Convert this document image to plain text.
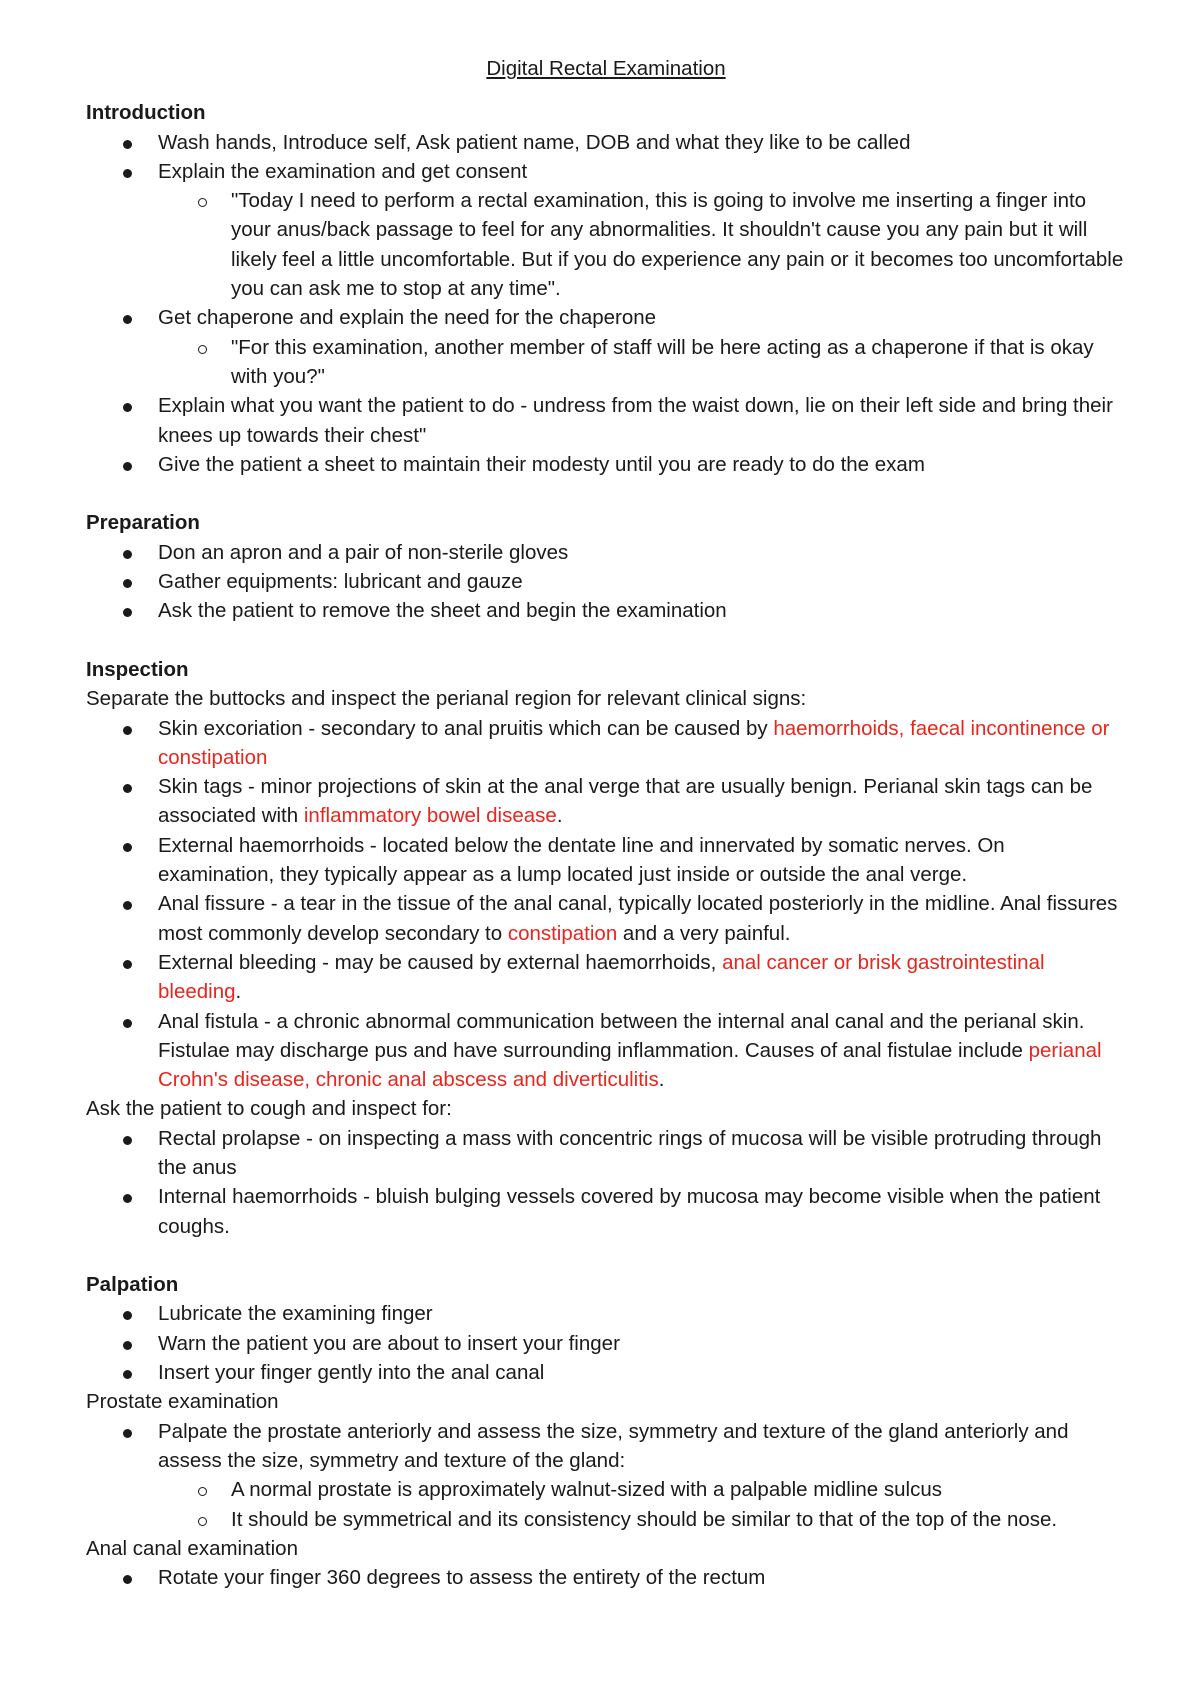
Digital Rectal Examination
Introduction
Wash hands, Introduce self, Ask patient name, DOB and what they like to be called
Explain the examination and get consent
"Today I need to perform a rectal examination, this is going to involve me inserting a finger into your anus/back passage to feel for any abnormalities. It shouldn't cause you any pain but it will likely feel a little uncomfortable. But if you do experience any pain or it becomes too uncomfortable you can ask me to stop at any time".
Get chaperone and explain the need for the chaperone
"For this examination, another member of staff will be here acting as a chaperone if that is okay with you?"
Explain what you want the patient to do - undress from the waist down, lie on their left side and bring their knees up towards their chest"
Give the patient a sheet to maintain their modesty until you are ready to do the exam
Preparation
Don an apron and a pair of non-sterile gloves
Gather equipments: lubricant and gauze
Ask the patient to remove the sheet and begin the examination
Inspection

Separate the buttocks and inspect the perianal region for relevant clinical signs:

Skin excoriation - secondary to anal pruitis which can be caused by haemorrhoids, faecal incontinence or constipation
Skin tags - minor projections of skin at the anal verge that are usually benign. Perianal skin tags can be associated with inflammatory bowel disease.
External haemorrhoids - located below the dentate line and innervated by somatic nerves. On examination, they typically appear as a lump located just inside or outside the anal verge.
Anal fissure - a tear in the tissue of the anal canal, typically located posteriorly in the midline. Anal fissures most commonly develop secondary to constipation and a very painful.
External bleeding - may be caused by external haemorrhoids, anal cancer or brisk gastrointestinal bleeding.
Anal fistula - a chronic abnormal communication between the internal anal canal and the perianal skin. Fistulae may discharge pus and have surrounding inflammation. Causes of anal fistulae include perianal Crohn's disease, chronic anal abscess and diverticulitis.

Ask the patient to cough and inspect for:

Rectal prolapse - on inspecting a mass with concentric rings of mucosa will be visible protruding through the anus
Internal haemorrhoids - bluish bulging vessels covered by mucosa may become visible when the patient coughs.
Palpation
Lubricate the examining finger
Warn the patient you are about to insert your finger
Insert your finger gently into the anal canal

Prostate examination

Palpate the prostate anteriorly and assess the size, symmetry and texture of the gland anteriorly and assess the size, symmetry and texture of the gland:
A normal prostate is approximately walnut-sized with a palpable midline sulcus
It should be symmetrical and its consistency should be similar to that of the top of the nose.

Anal canal examination

Rotate your finger 360 degrees to assess the entirety of the rectum
